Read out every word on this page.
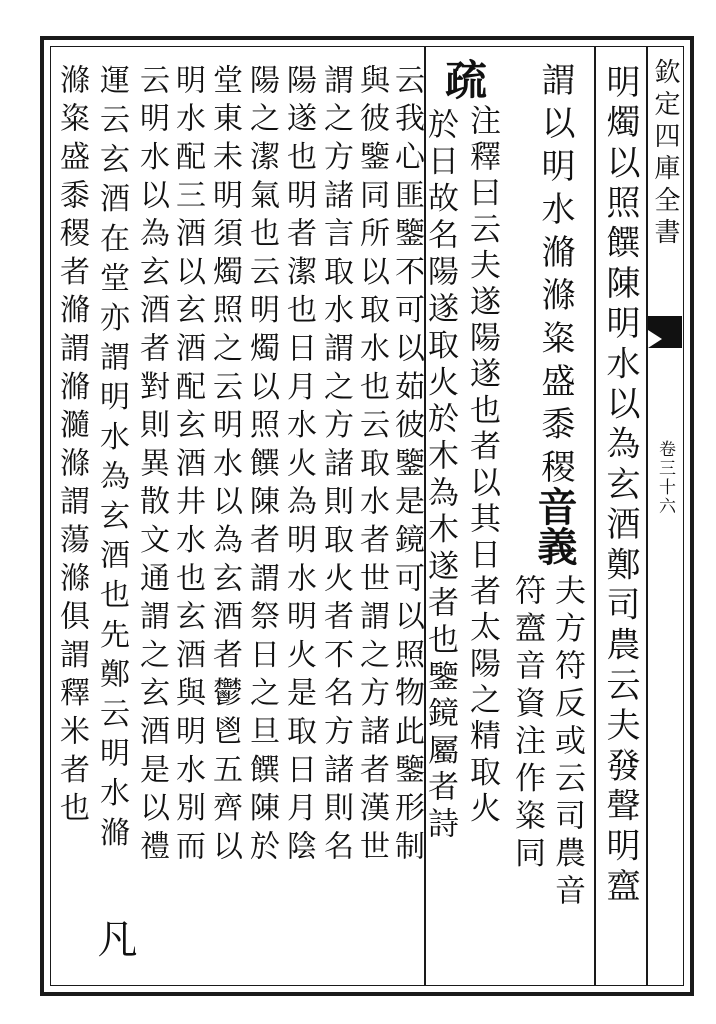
欽定四庫全書
卷三十六
明燭以照饌陳明水以為玄酒鄭司農云夫發聲明齍
謂以明水滫滌粢盛黍稷
音義
夫方符反或云司農音
符齍音資注作粢同
疏
注釋曰云夫遂陽遂也者以其日者太陽之精取火
於日故名陽遂取火於木為木遂者也鑒鏡屬者詩
云我心匪鑒不可以茹彼鑒是鏡可以照物此鑒形制
與彼鑒同所以取水也云取水者世謂之方諸者漢世
謂之方諸言取水謂之方諸則取火者不名方諸則名
陽遂也明者潔也日月水火為明水明火是取日月陰
陽之潔氣也云明燭以照饌陳者謂祭日之旦饌陳於
堂東未明須燭照之云明水以為玄酒者鬱鬯五齊以
明水配三酒以玄酒配玄酒井水也玄酒與明水別而
云明水以為玄酒者對則異散文通謂之玄酒是以禮
運云玄酒在堂亦謂明水為玄酒也先鄭云明水滫
凡
滌粢盛黍稷者滫謂滫瀡滌謂蕩滌俱謂釋米者也
